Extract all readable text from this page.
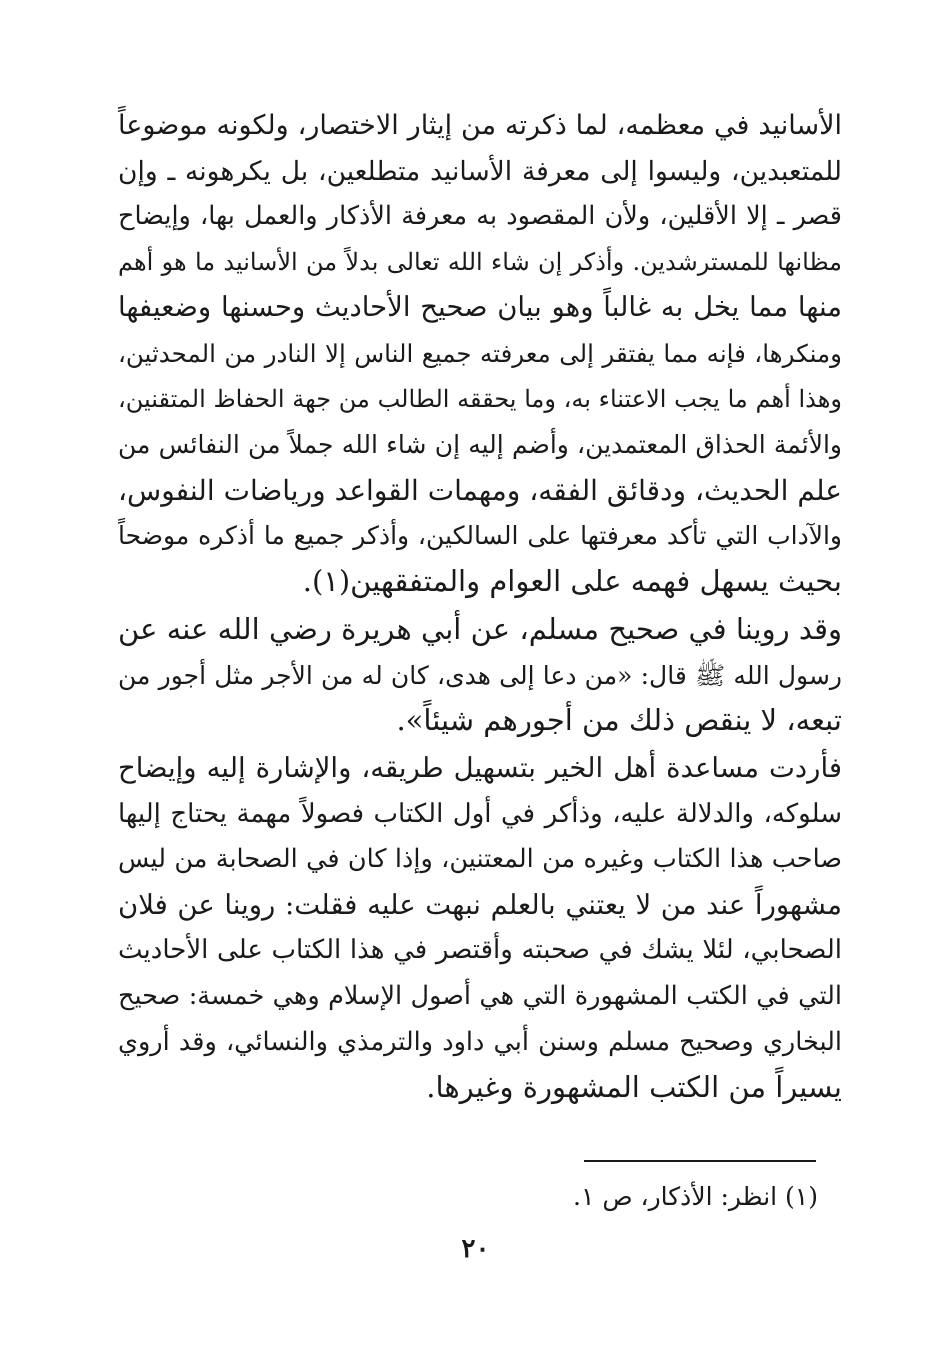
الأسانيد في معظمه، لما ذكرته من إيثار الاختصار، ولكونه موضوعاً
للمتعبدين، وليسوا إلى معرفة الأسانيد متطلعين، بل يكرهونه ـ وإن
قصر ـ إلا الأقلين، ولأن المقصود به معرفة الأذكار والعمل بها، وإيضاح
مظانها للمسترشدين. وأذكر إن شاء الله تعالى بدلاً من الأسانيد ما هو أهم
منها مما يخل به غالباً وهو بيان صحيح الأحاديث وحسنها وضعيفها
ومنكرها، فإنه مما يفتقر إلى معرفته جميع الناس إلا النادر من المحدثين،
وهذا أهم ما يجب الاعتناء به، وما يحققه الطالب من جهة الحفاظ المتقنين،
والأئمة الحذاق المعتمدين، وأضم إليه إن شاء الله جملاً من النفائس من
علم الحديث، ودقائق الفقه، ومهمات القواعد ورياضات النفوس،
والآداب التي تأكد معرفتها على السالكين، وأذكر جميع ما أذكره موضحاً
بحيث يسهل فهمه على العوام والمتفقهين(١).
وقد روينا في صحيح مسلم، عن أبي هريرة رضي الله عنه عن
رسول الله ﷺ قال: «من دعا إلى هدى، كان له من الأجر مثل أجور من
تبعه، لا ينقص ذلك من أجورهم شيئاً».
فأردت مساعدة أهل الخير بتسهيل طريقه، والإشارة إليه وإيضاح
سلوكه، والدلالة عليه، وذأكر في أول الكتاب فصولاً مهمة يحتاج إليها
صاحب هذا الكتاب وغيره من المعتنين، وإذا كان في الصحابة من ليس
مشهوراً عند من لا يعتني بالعلم نبهت عليه فقلت: روينا عن فلان
الصحابي، لئلا يشك في صحبته وأقتصر في هذا الكتاب على الأحاديث
التي في الكتب المشهورة التي هي أصول الإسلام وهي خمسة: صحيح
البخاري وصحيح مسلم وسنن أبي داود والترمذي والنسائي، وقد أروي
يسيراً من الكتب المشهورة وغيرها.
(١) انظر: الأذكار، ص ١.
٢٠
